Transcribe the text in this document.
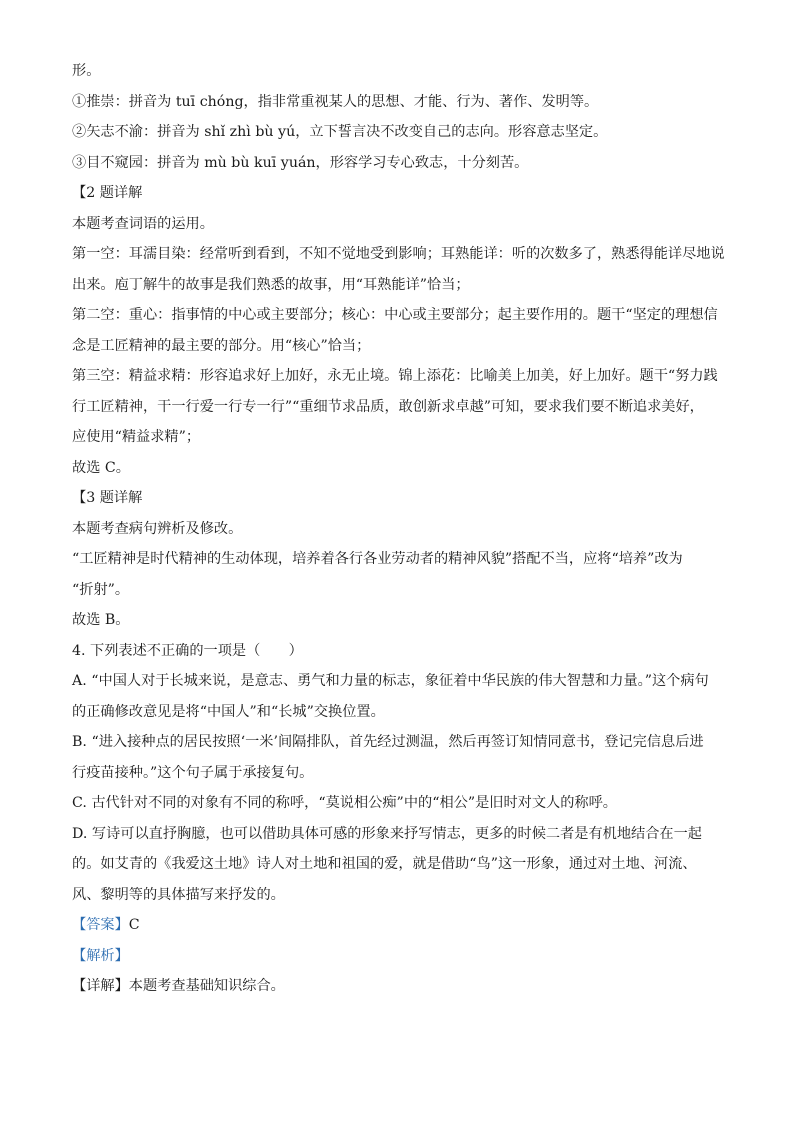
形。
①推崇：拼音为 tuī chóng，指非常重视某人的思想、才能、行为、著作、发明等。
②矢志不渝：拼音为 shǐ zhì bù yú，立下誓言决不改变自己的志向。形容意志坚定。
③目不窥园：拼音为 mù bù kuī yuán，形容学习专心致志，十分刻苦。
【2 题详解
本题考查词语的运用。
第一空：耳濡目染：经常听到看到，不知不觉地受到影响；耳熟能详：听的次数多了，熟悉得能详尽地说
出来。庖丁解牛的故事是我们熟悉的故事，用“耳熟能详”恰当；
第二空：重心：指事情的中心或主要部分；核心：中心或主要部分；起主要作用的。题干“坚定的理想信
念是工匠精神的最主要的部分。用“核心”恰当；
第三空：精益求精：形容追求好上加好，永无止境。锦上添花：比喻美上加美，好上加好。题干“努力践
行工匠精神，干一行爱一行专一行”“重细节求品质，敢创新求卓越”可知，要求我们要不断追求美好，
应使用“精益求精”；
故选 C。
【3 题详解
本题考查病句辨析及修改。
“工匠精神是时代精神的生动体现，培养着各行各业劳动者的精神风貌”搭配不当，应将“培养”改为
“折射”。
故选 B。
4. 下列表述不正确的一项是（　　）
A. “中国人对于长城来说，是意志、勇气和力量的标志，象征着中华民族的伟大智慧和力量。”这个病句
的正确修改意见是将“中国人”和“长城”交换位置。
B. “进入接种点的居民按照‘一米’间隔排队，首先经过测温，然后再签订知情同意书，登记完信息后进
行疫苗接种。”这个句子属于承接复句。
C. 古代针对不同的对象有不同的称呼，“莫说相公痴”中的“相公”是旧时对文人的称呼。
D. 写诗可以直抒胸臆，也可以借助具体可感的形象来抒写情志，更多的时候二者是有机地结合在一起
的。如艾青的《我爱这土地》诗人对土地和祖国的爱，就是借助“鸟”这一形象，通过对土地、河流、
风、黎明等的具体描写来抒发的。
【答案】C
【解析】
【详解】本题考查基础知识综合。
